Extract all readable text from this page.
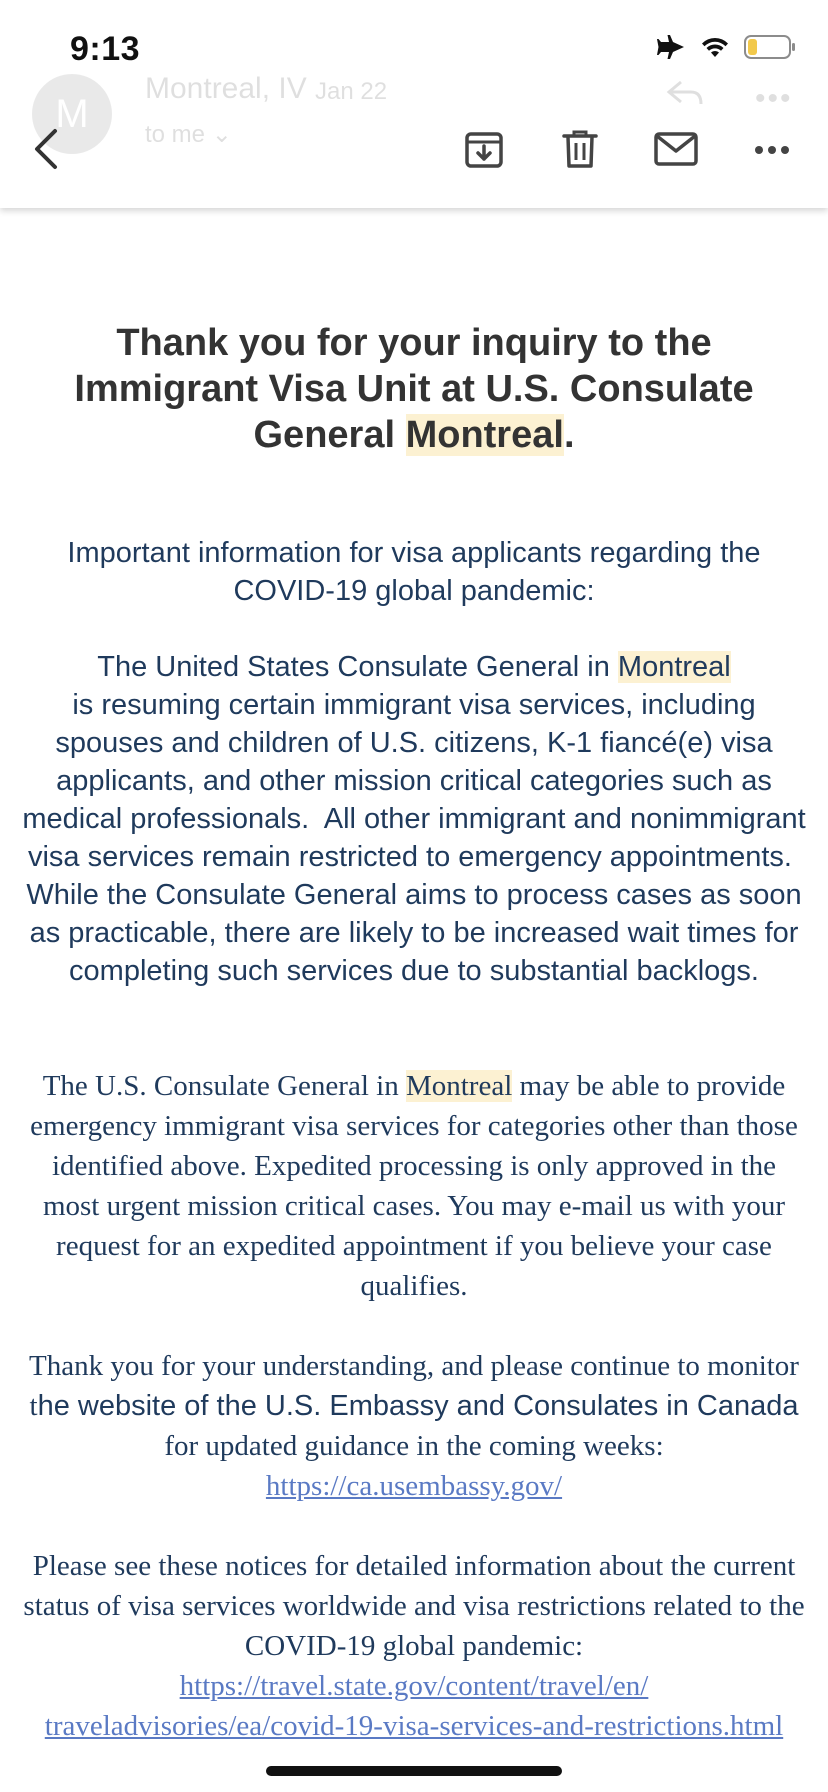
9:13
M
Montreal, IV Jan 22
to me ⌄
•••
Thank you for your inquiry to the Immigrant Visa Unit at U.S. Consulate General Montreal.
Important information for visa applicants regarding the COVID-19 global pandemic:
The United States Consulate General in Montreal is resuming certain immigrant visa services, including spouses and children of U.S. citizens, K-1 fiancé(e) visa applicants, and other mission critical categories such as medical professionals.  All other immigrant and nonimmigrant visa services remain restricted to emergency appointments.  While the Consulate General aims to process cases as soon as practicable, there are likely to be increased wait times for completing such services due to substantial backlogs.
The U.S. Consulate General in Montreal may be able to provide emergency immigrant visa services for categories other than those identified above. Expedited processing is only approved in the most urgent mission critical cases. You may e-mail us with your request for an expedited appointment if you believe your case qualifies.
Thank you for your understanding, and please continue to monitor the website of the U.S. Embassy and Consulates in Canada for updated guidance in the coming weeks: https://ca.usembassy.gov/
Please see these notices for detailed information about the current status of visa services worldwide and visa restrictions related to the COVID-19 global pandemic:
https://travel.state.gov/content/travel/en/
traveladvisories/ea/covid-19-visa-services-and-restrictions.html
